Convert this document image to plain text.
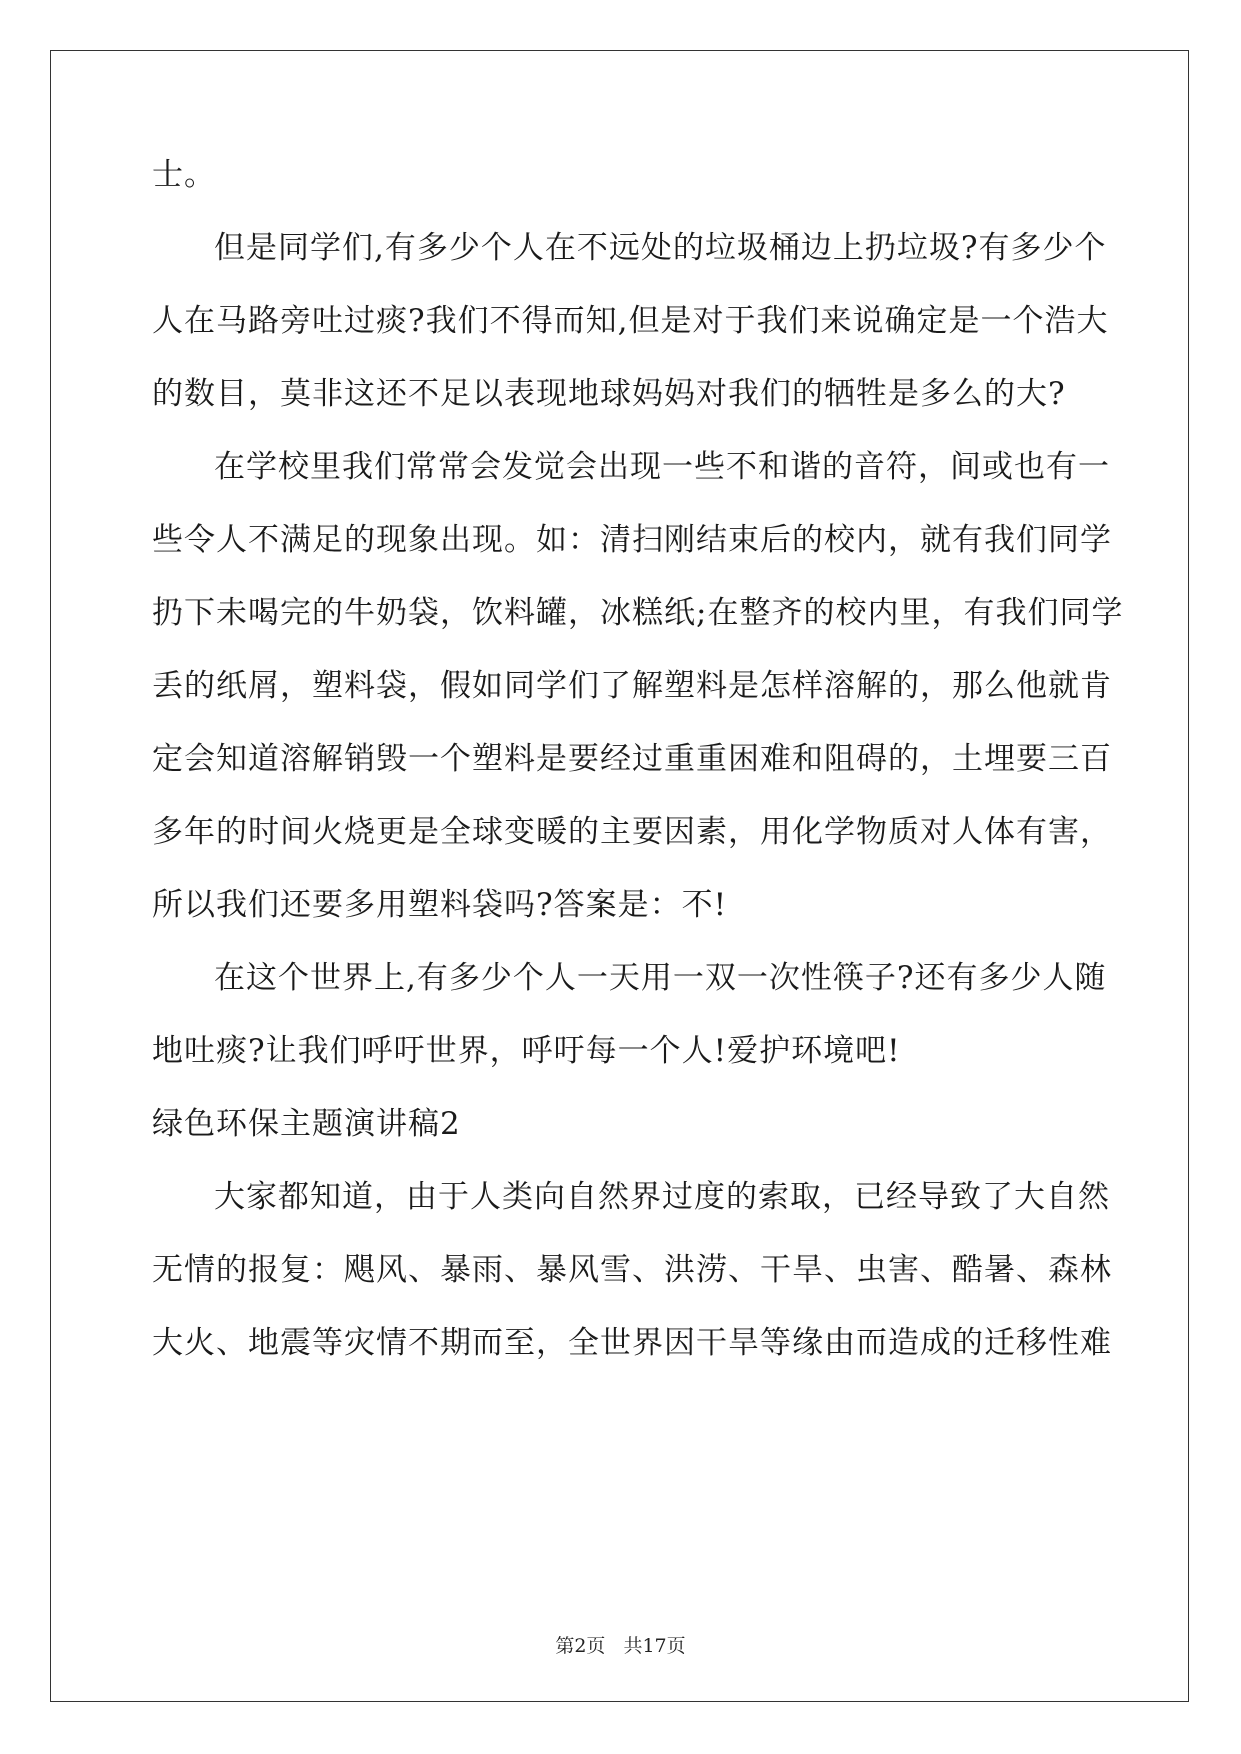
士。
但是同学们,有多少个人在不远处的垃圾桶边上扔垃圾?有多少个
人在马路旁吐过痰?我们不得而知,但是对于我们来说确定是一个浩大
的数目，莫非这还不足以表现地球妈妈对我们的牺牲是多么的大?
在学校里我们常常会发觉会出现一些不和谐的音符，间或也有一
些令人不满足的现象出现。如：清扫刚结束后的校内，就有我们同学
扔下未喝完的牛奶袋，饮料罐，冰糕纸;在整齐的校内里，有我们同学
丢的纸屑，塑料袋，假如同学们了解塑料是怎样溶解的，那么他就肯
定会知道溶解销毁一个塑料是要经过重重困难和阻碍的，土埋要三百
多年的时间火烧更是全球变暖的主要因素，用化学物质对人体有害，
所以我们还要多用塑料袋吗?答案是：不!
在这个世界上,有多少个人一天用一双一次性筷子?还有多少人随
地吐痰?让我们呼吁世界，呼吁每一个人!爱护环境吧!
绿色环保主题演讲稿2
大家都知道，由于人类向自然界过度的索取，已经导致了大自然
无情的报复：飓风、暴雨、暴风雪、洪涝、干旱、虫害、酷暑、森林
大火、地震等灾情不期而至，全世界因干旱等缘由而造成的迁移性难
第2页 共17页
